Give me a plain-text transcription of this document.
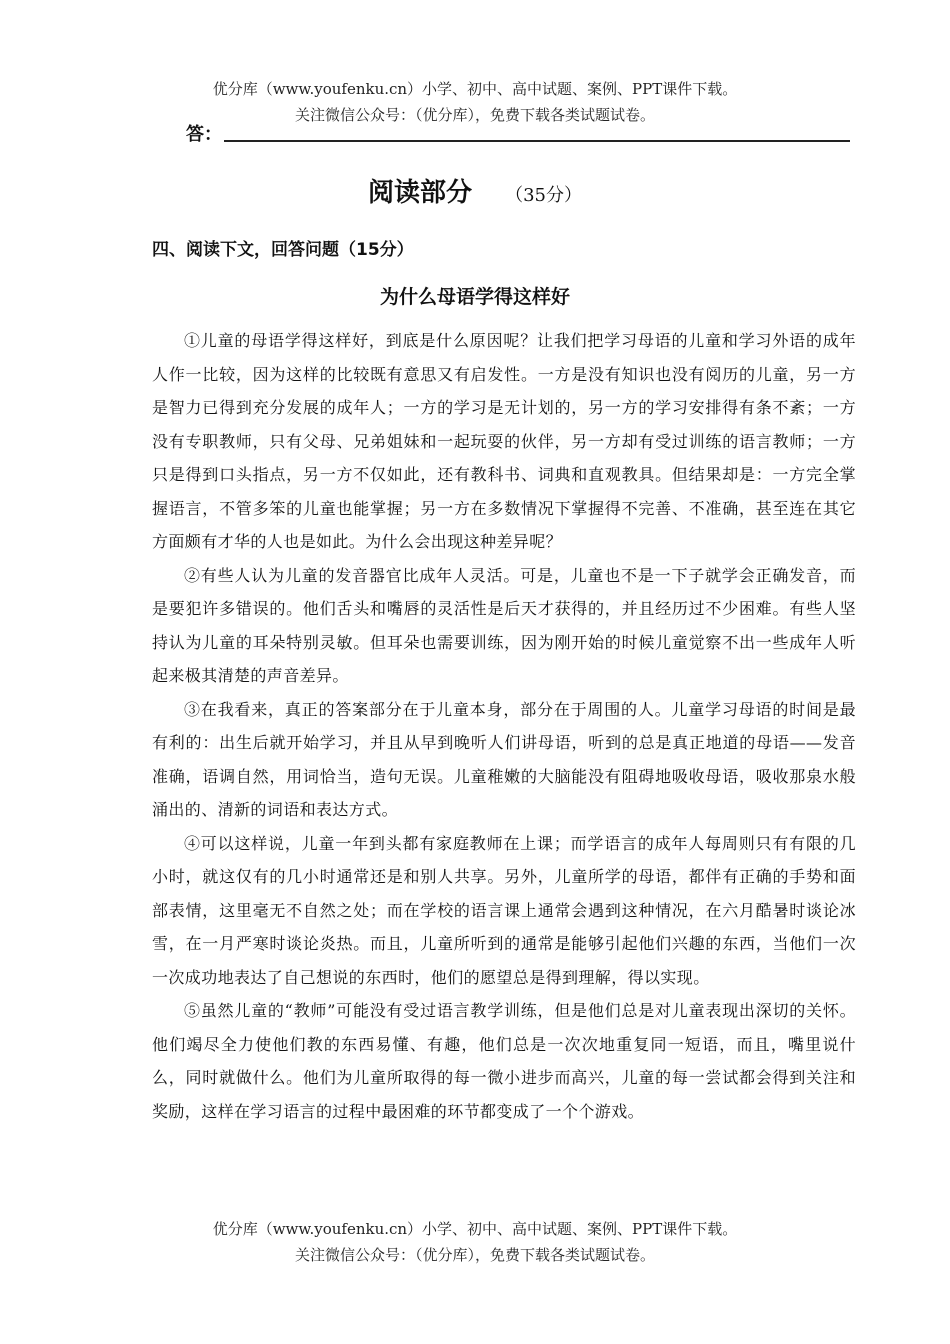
优分库（www.youfenku.cn）小学、初中、高中试题、案例、PPT课件下载。
关注微信公众号：（优分库），免费下载各类试题试卷。
答：
阅读部分 （35分）
四、阅读下文，回答问题（15分）
为什么母语学得这样好

①儿童的母语学得这样好，到底是什么原因呢？让我们把学习母语的儿童和学习外语的成年人作一比较，因为这样的比较既有意思又有启发性。一方是没有知识也没有阅历的儿童，另一方是智力已得到充分发展的成年人；一方的学习是无计划的，另一方的学习安排得有条不紊；一方没有专职教师，只有父母、兄弟姐妹和一起玩耍的伙伴，另一方却有受过训练的语言教师；一方只是得到口头指点，另一方不仅如此，还有教科书、词典和直观教具。但结果却是：一方完全掌握语言，不管多笨的儿童也能掌握；另一方在多数情况下掌握得不完善、不准确，甚至连在其它方面颇有才华的人也是如此。为什么会出现这种差异呢？

②有些人认为儿童的发音器官比成年人灵活。可是，儿童也不是一下子就学会正确发音，而是要犯许多错误的。他们舌头和嘴唇的灵活性是后天才获得的，并且经历过不少困难。有些人坚持认为儿童的耳朵特别灵敏。但耳朵也需要训练，因为刚开始的时候儿童觉察不出一些成年人听起来极其清楚的声音差异。

③在我看来，真正的答案部分在于儿童本身，部分在于周围的人。儿童学习母语的时间是最有利的：出生后就开始学习，并且从早到晚听人们讲母语，听到的总是真正地道的母语——发音准确，语调自然，用词恰当，造句无误。儿童稚嫩的大脑能没有阻碍地吸收母语，吸收那泉水般涌出的、清新的词语和表达方式。

④可以这样说，儿童一年到头都有家庭教师在上课；而学语言的成年人每周则只有有限的几小时，就这仅有的几小时通常还是和别人共享。另外，儿童所学的母语，都伴有正确的手势和面部表情，这里毫无不自然之处；而在学校的语言课上通常会遇到这种情况，在六月酷暑时谈论冰雪，在一月严寒时谈论炎热。而且，儿童所听到的通常是能够引起他们兴趣的东西，当他们一次一次成功地表达了自己想说的东西时，他们的愿望总是得到理解，得以实现。

⑤虽然儿童的“教师”可能没有受过语言教学训练，但是他们总是对儿童表现出深切的关怀。他们竭尽全力使他们教的东西易懂、有趣，他们总是一次次地重复同一短语，而且，嘴里说什么，同时就做什么。他们为儿童所取得的每一微小进步而高兴，儿童的每一尝试都会得到关注和奖励，这样在学习语言的过程中最困难的环节都变成了一个个游戏。

优分库（www.youfenku.cn）小学、初中、高中试题、案例、PPT课件下载。
关注微信公众号：（优分库），免费下载各类试题试卷。
